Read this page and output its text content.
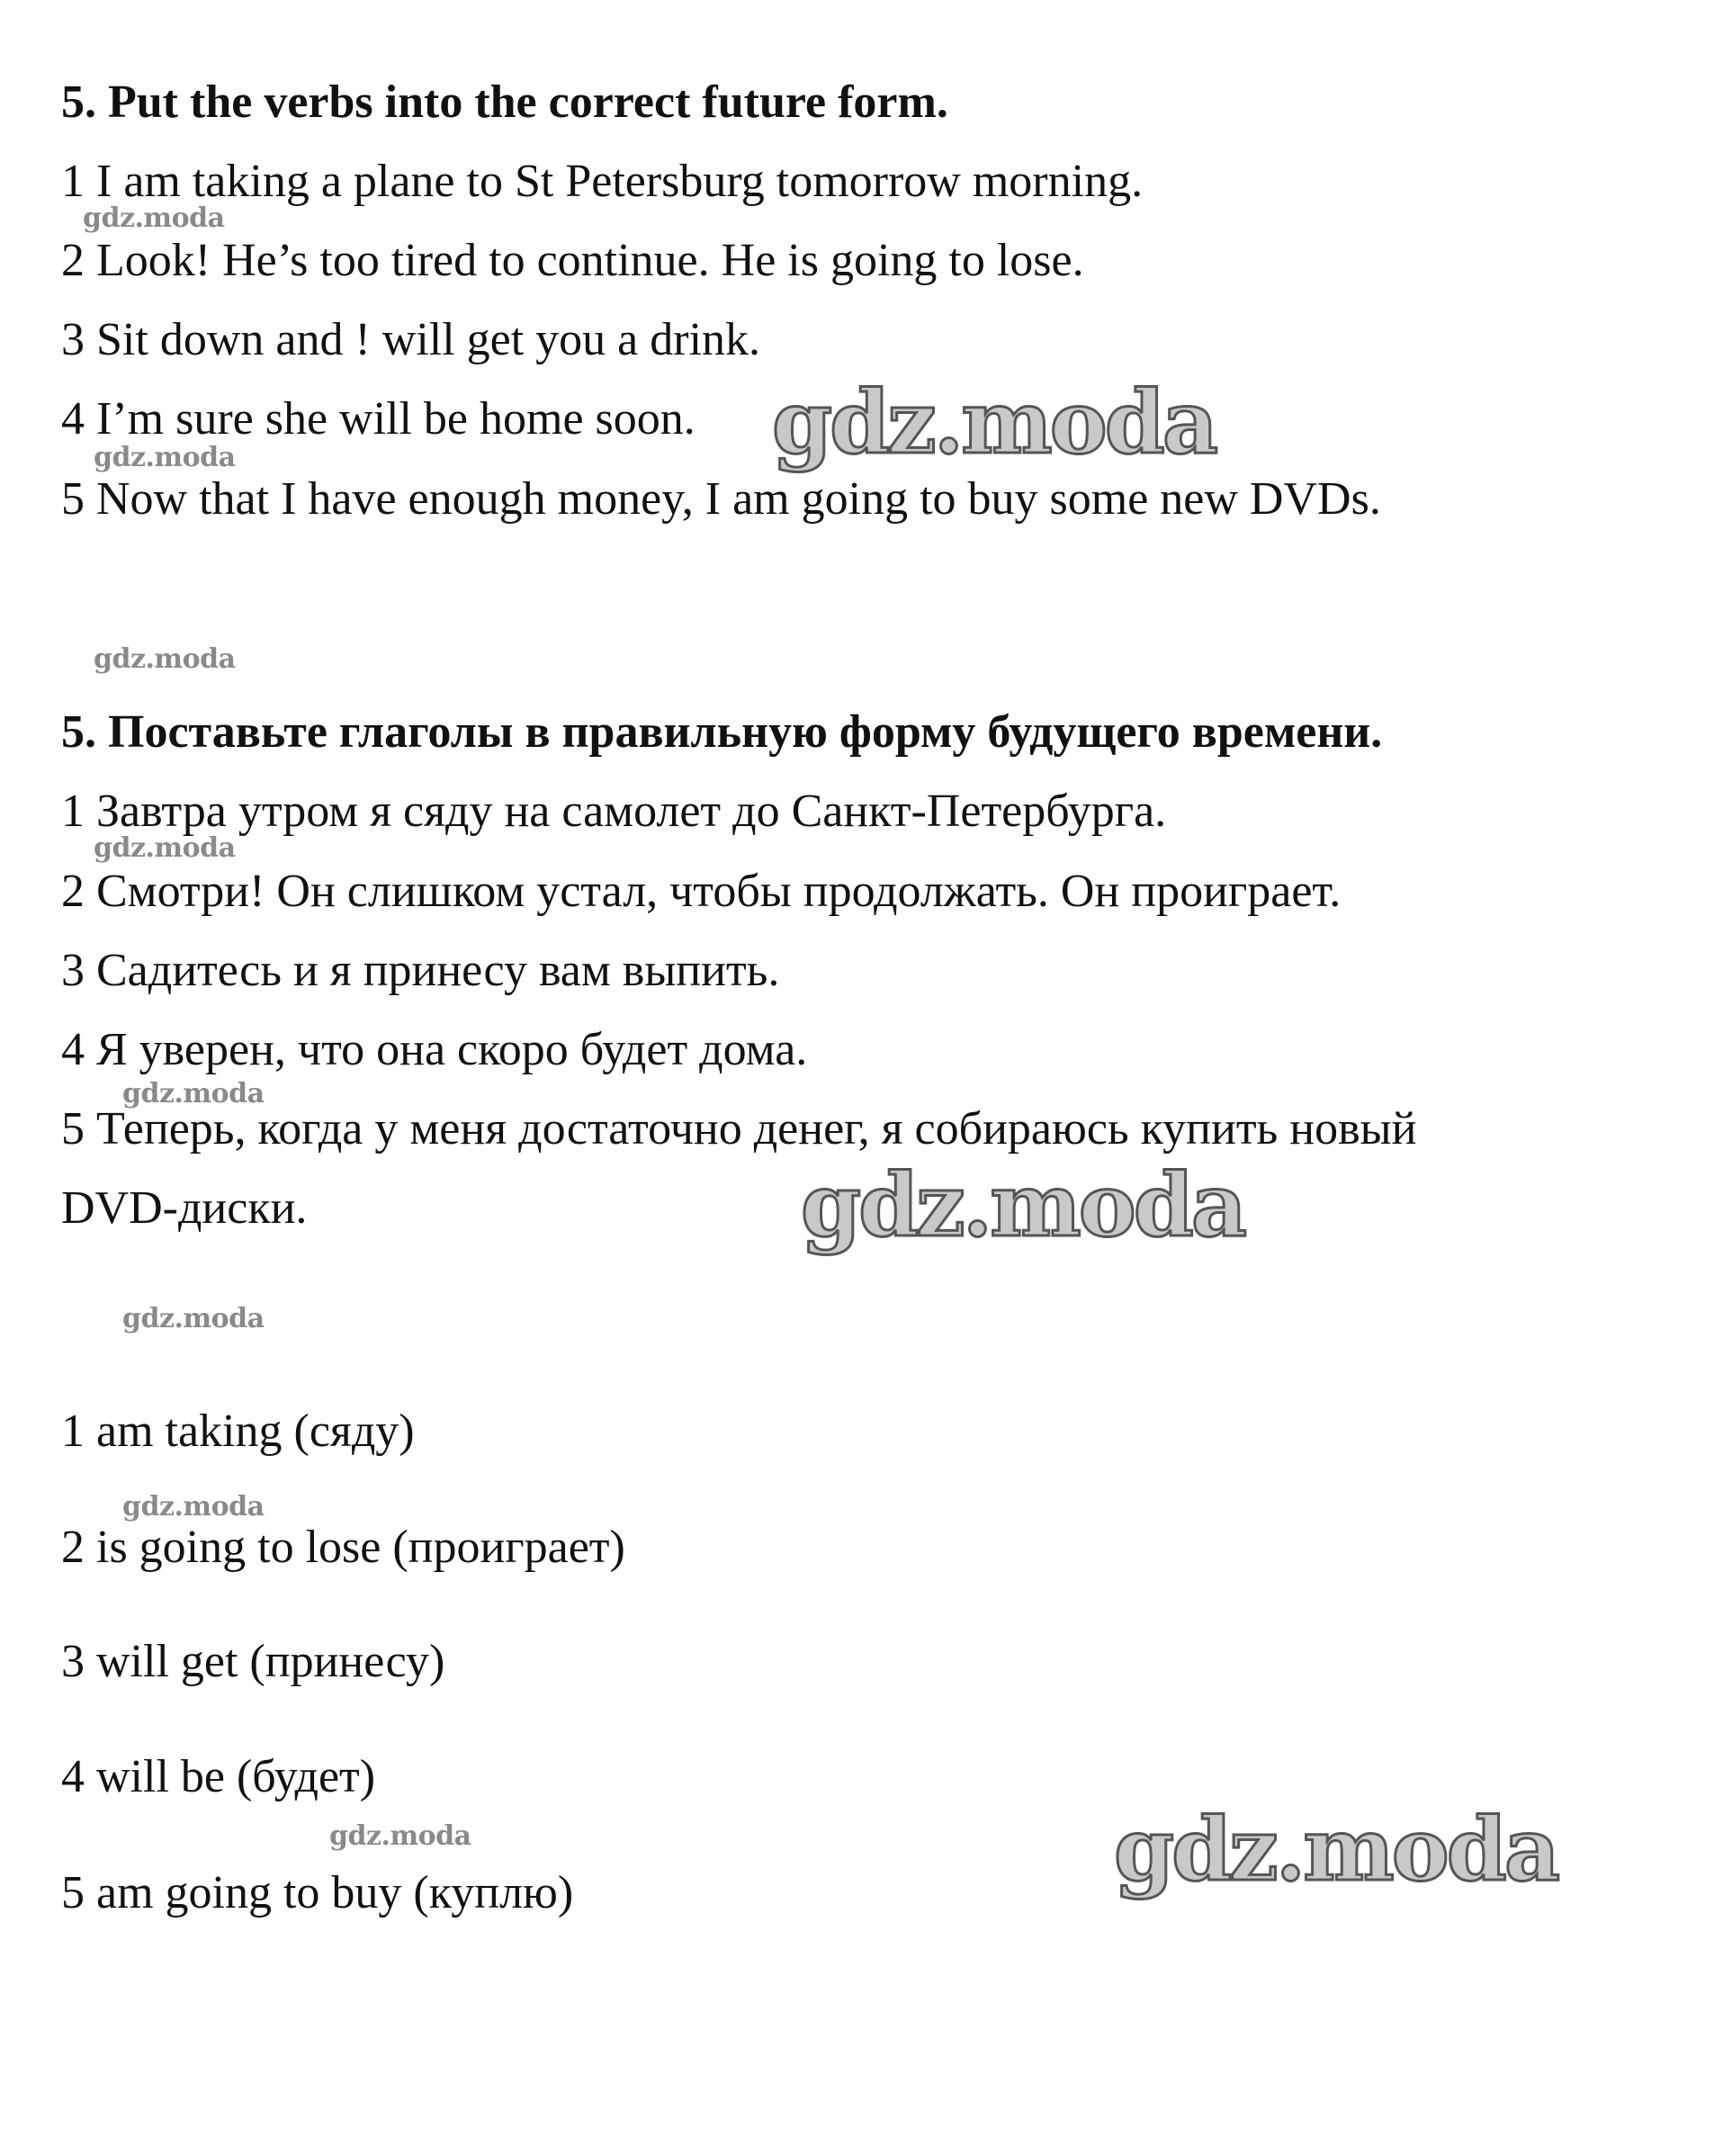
5. Put the verbs into the correct future form.
1 I am taking a plane to St Petersburg tomorrow morning.
2 Look! He’s too tired to continue. He is going to lose.
3 Sit down and ! will get you a drink.
4 I’m sure she will be home soon.
5 Now that I have enough money, I am going to buy some new DVDs.
5. Поставьте глаголы в правильную форму будущего времени.
1 Завтра утром я сяду на самолет до Санкт-Петербурга.
2 Смотри! Он слишком устал, чтобы продолжать. Он проиграет.
3 Садитесь и я принесу вам выпить.
4 Я уверен, что она скоро будет дома.
5 Теперь, когда у меня достаточно денег, я собираюсь купить новый
DVD-диски.
1 am taking (сяду)
2 is going to lose (проиграет)
3 will get (принесу)
4 will be (будет)
5 am going to buy (куплю)
gdz.moda
gdz.moda
gdz.moda
gdz.moda
gdz.moda
gdz.moda
gdz.moda
gdz.moda
gdz.moda
gdz.moda
gdz.moda
